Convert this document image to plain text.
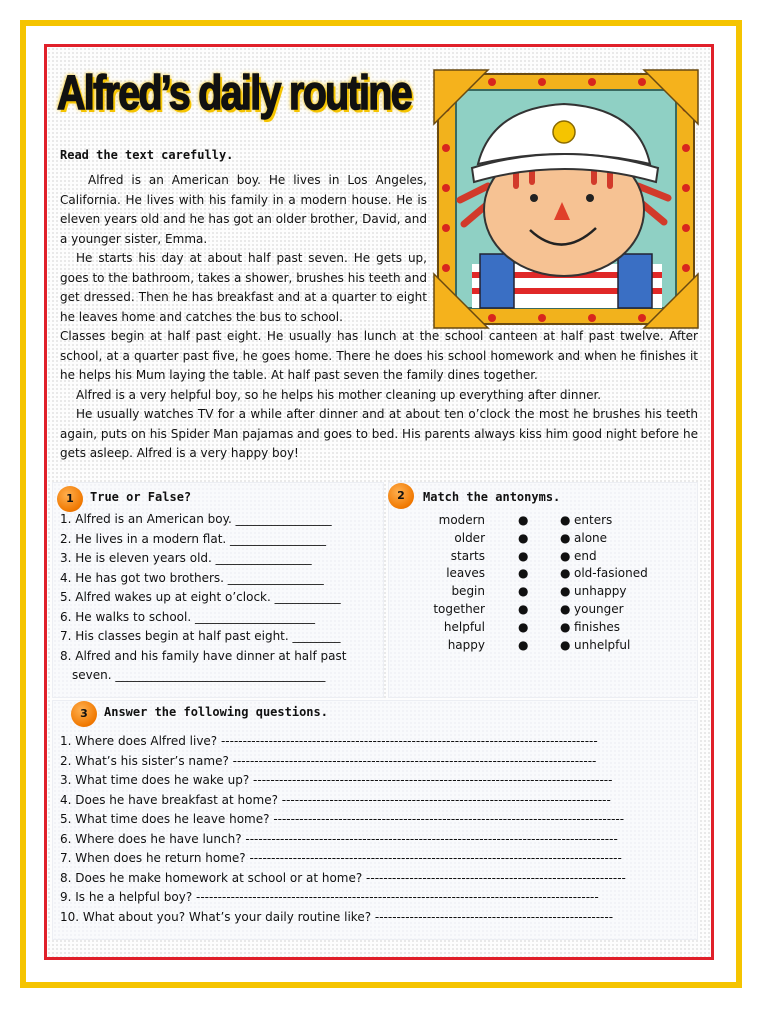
Alfred’s daily routine
Read the text carefully.

Alfred is an American boy. He lives in Los Angeles, California. He lives with his family in a modern house. He is eleven years old and he has got an older brother, David, and a younger sister, Emma.

He starts his day at about half past seven. He gets up, goes to the bathroom, takes a shower, brushes his teeth and get dressed. Then he has breakfast and at a quarter to eight he leaves home and catches the bus to school.

Classes begin at half past eight. He usually has lunch at the school canteen at half past twelve. After school, at a quarter past five, he goes home. There he does his school homework and when he finishes it he helps his Mum laying the table. At half past seven the family dines together.

Alfred is a very helpful boy, so he helps his mother cleaning up everything after dinner.

He usually watches TV for a while after dinner and at about ten o’clock the most he brushes his teeth again, puts on his Spider Man pajamas and goes to bed. His parents always kiss him good night before he gets asleep. Alfred is a very happy boy!

1	True or False?
1. Alfred is an American boy. ________________
2. He lives in a modern flat. ________________
3. He is eleven years old. ________________
4. He has got two brothers. ________________
5. Alfred wakes up at eight o’clock. ___________
6. He walks to school. ____________________
7. His classes begin at half past eight. ________
8. Alfred and his family have dinner at half past
seven. ___________________________________
2	Match the antonyms.
modern	●	● enters
older	●	● alone
starts	●	● end
leaves	●	● old-fasioned
begin	●	● unhappy
together	●	● younger
helpful	●	● finishes
happy	●	● unhelpful
3	Answer the following questions.
1. Where does Alfred live? ---------------------------------------------------------------------------------------
2. What’s his sister’s name? ------------------------------------------------------------------------------------
3. What time does he wake up? -----------------------------------------------------------------------------------
4. Does he have breakfast at home? ----------------------------------------------------------------------------
5. What time does he leave home? ---------------------------------------------------------------------------------
6. Where does he have lunch? --------------------------------------------------------------------------------------
7. When does he return home? --------------------------------------------------------------------------------------
8. Does he make homework at school or at home? ------------------------------------------------------------
9. Is he a helpful boy? ---------------------------------------------------------------------------------------------
10. What about you? What’s your daily routine like? -------------------------------------------------------
